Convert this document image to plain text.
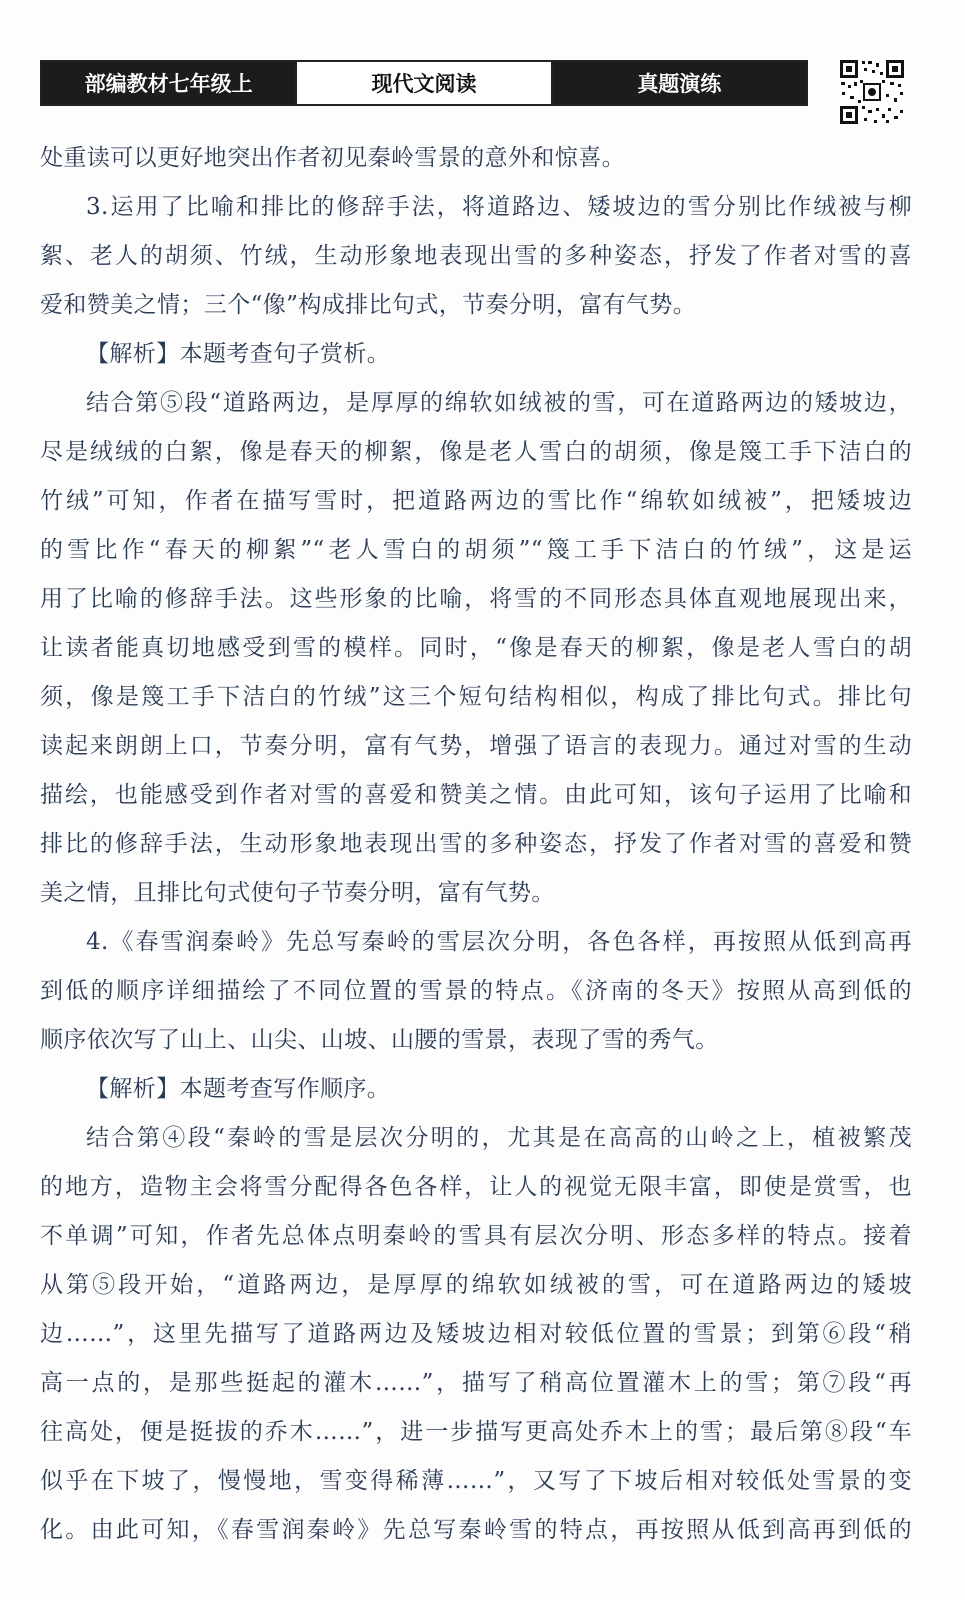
部编教材七年级上	现代文阅读	真题演练
处重读可以更好地突出作者初见秦岭雪景的意外和惊喜。
3.运用了比喻和排比的修辞手法，将道路边、矮坡边的雪分别比作绒被与柳
絮、老人的胡须、竹绒，生动形象地表现出雪的多种姿态，抒发了作者对雪的喜
爱和赞美之情；三个“像”构成排比句式，节奏分明，富有气势。
【解析】本题考查句子赏析。
结合第⑤段“道路两边，是厚厚的绵软如绒被的雪，可在道路两边的矮坡边，
尽是绒绒的白絮，像是春天的柳絮，像是老人雪白的胡须，像是篾工手下洁白的
竹绒”可知，作者在描写雪时，把道路两边的雪比作“绵软如绒被”，把矮坡边
的雪比作“春天的柳絮”“老人雪白的胡须”“篾工手下洁白的竹绒”，这是运
用了比喻的修辞手法。这些形象的比喻，将雪的不同形态具体直观地展现出来，
让读者能真切地感受到雪的模样。同时，“像是春天的柳絮，像是老人雪白的胡
须，像是篾工手下洁白的竹绒”这三个短句结构相似，构成了排比句式。排比句
读起来朗朗上口，节奏分明，富有气势，增强了语言的表现力。通过对雪的生动
描绘，也能感受到作者对雪的喜爱和赞美之情。由此可知，该句子运用了比喻和
排比的修辞手法，生动形象地表现出雪的多种姿态，抒发了作者对雪的喜爱和赞
美之情，且排比句式使句子节奏分明，富有气势。
4.《春雪润秦岭》先总写秦岭的雪层次分明，各色各样，再按照从低到高再
到低的顺序详细描绘了不同位置的雪景的特点。《济南的冬天》按照从高到低的
顺序依次写了山上、山尖、山坡、山腰的雪景，表现了雪的秀气。
【解析】本题考查写作顺序。
结合第④段“秦岭的雪是层次分明的，尤其是在高高的山岭之上，植被繁茂
的地方，造物主会将雪分配得各色各样，让人的视觉无限丰富，即使是赏雪，也
不单调”可知，作者先总体点明秦岭的雪具有层次分明、形态多样的特点。接着
从第⑤段开始，“道路两边，是厚厚的绵软如绒被的雪，可在道路两边的矮坡
边……”，这里先描写了道路两边及矮坡边相对较低位置的雪景；到第⑥段“稍
高一点的，是那些挺起的灌木……”，描写了稍高位置灌木上的雪；第⑦段“再
往高处，便是挺拔的乔木……”，进一步描写更高处乔木上的雪；最后第⑧段“车
似乎在下坡了，慢慢地，雪变得稀薄……”，又写了下坡后相对较低处雪景的变
化。由此可知，《春雪润秦岭》先总写秦岭雪的特点，再按照从低到高再到低的
